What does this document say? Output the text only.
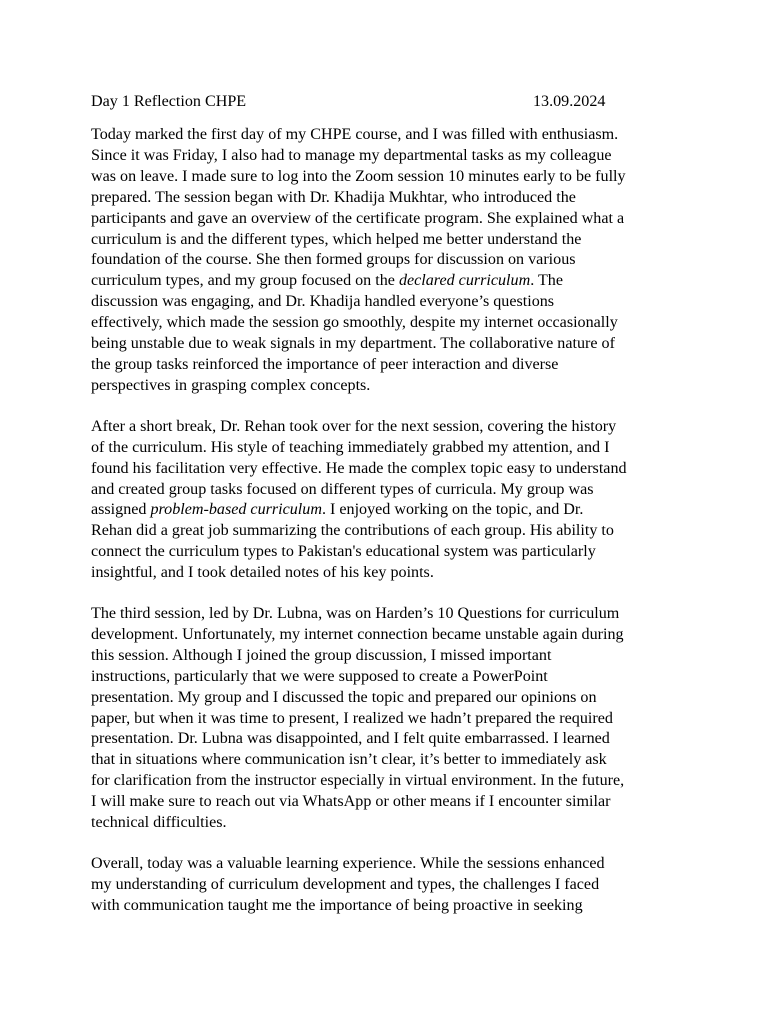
Day 1 Reflection CHPE	13.09.2024
Today marked the first day of my CHPE course, and I was filled with enthusiasm.
Since it was Friday, I also had to manage my departmental tasks as my colleague
was on leave. I made sure to log into the Zoom session 10 minutes early to be fully
prepared. The session began with Dr. Khadija Mukhtar, who introduced the
participants and gave an overview of the certificate program. She explained what a
curriculum is and the different types, which helped me better understand the
foundation of the course. She then formed groups for discussion on various
curriculum types, and my group focused on the declared curriculum. The
discussion was engaging, and Dr. Khadija handled everyone’s questions
effectively, which made the session go smoothly, despite my internet occasionally
being unstable due to weak signals in my department. The collaborative nature of
the group tasks reinforced the importance of peer interaction and diverse
perspectives in grasping complex concepts.
After a short break, Dr. Rehan took over for the next session, covering the history
of the curriculum. His style of teaching immediately grabbed my attention, and I
found his facilitation very effective. He made the complex topic easy to understand
and created group tasks focused on different types of curricula. My group was
assigned problem-based curriculum. I enjoyed working on the topic, and Dr.
Rehan did a great job summarizing the contributions of each group. His ability to
connect the curriculum types to Pakistan's educational system was particularly
insightful, and I took detailed notes of his key points.
The third session, led by Dr. Lubna, was on Harden’s 10 Questions for curriculum
development. Unfortunately, my internet connection became unstable again during
this session. Although I joined the group discussion, I missed important
instructions, particularly that we were supposed to create a PowerPoint
presentation. My group and I discussed the topic and prepared our opinions on
paper, but when it was time to present, I realized we hadn’t prepared the required
presentation. Dr. Lubna was disappointed, and I felt quite embarrassed. I learned
that in situations where communication isn’t clear, it’s better to immediately ask
for clarification from the instructor especially in virtual environment. In the future,
I will make sure to reach out via WhatsApp or other means if I encounter similar
technical difficulties.
Overall, today was a valuable learning experience. While the sessions enhanced
my understanding of curriculum development and types, the challenges I faced
with communication taught me the importance of being proactive in seeking
